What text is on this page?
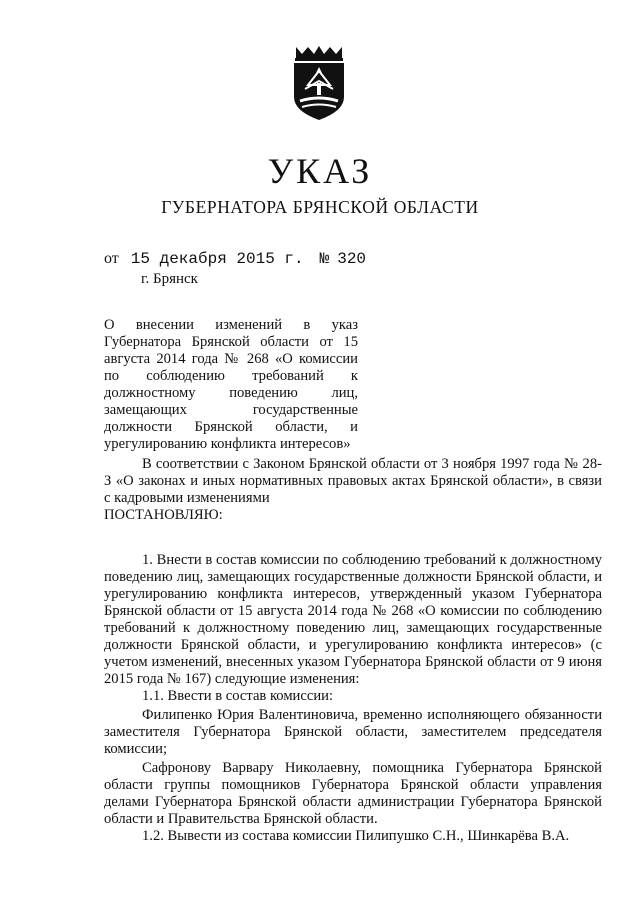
УКАЗ
ГУБЕРНАТОРА БРЯНСКОЙ ОБЛАСТИ
от 15 декабря 2015 г. № 320
г. Брянск
О внесении изменений в указ Губернатора Брянской области от 15 августа 2014 года № 268 «О комиссии по соблюдению требований к должностному поведению лиц, замещающих государственные должности Брянской области, и урегулированию конфликта интересов»

В соответствии с Законом Брянской области от 3 ноября 1997 года № 28-З «О законах и иных нормативных правовых актах Брянской области», в связи с кадровыми изменениями

ПОСТАНОВЛЯЮ:

1. Внести в состав комиссии по соблюдению требований к должностному поведению лиц, замещающих государственные должности Брянской области, и урегулированию конфликта интересов, утвержденный указом Губернатора Брянской области от 15 августа 2014 года № 268 «О комиссии по соблюдению требований к должностному поведению лиц, замещающих государственные должности Брянской области, и урегулированию конфликта интересов» (с учетом изменений, внесенных указом Губернатора Брянской области от 9 июня 2015 года № 167) следующие изменения:

1.1. Ввести в состав комиссии:

Филипенко Юрия Валентиновича, временно исполняющего обязанности заместителя Губернатора Брянской области, заместителем председателя комиссии;

Сафронову Варвару Николаевну, помощника Губернатора Брянской области группы помощников Губернатора Брянской области управления делами Губернатора Брянской области администрации Губернатора Брянской области и Правительства Брянской области.

1.2. Вывести из состава комиссии Пилипушко С.Н., Шинкарёва В.А.
